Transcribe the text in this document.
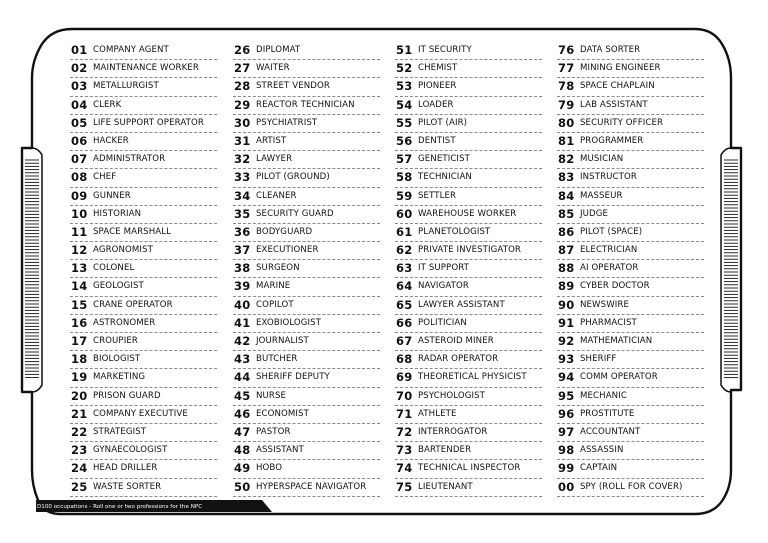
01 COMPANY AGENT
02 MAINTENANCE WORKER
03 METALLURGIST
04 CLERK
05 LIFE SUPPORT OPERATOR
06 HACKER
07 ADMINISTRATOR
08 CHEF
09 GUNNER
10 HISTORIAN
11 SPACE MARSHALL
12 AGRONOMIST
13 COLONEL
14 GEOLOGIST
15 CRANE OPERATOR
16 ASTRONOMER
17 CROUPIER
18 BIOLOGIST
19 MARKETING
20 PRISON GUARD
21 COMPANY EXECUTIVE
22 STRATEGIST
23 GYNAECOLOGIST
24 HEAD DRILLER
25 WASTE SORTER
26 DIPLOMAT
27 WAITER
28 STREET VENDOR
29 REACTOR TECHNICIAN
30 PSYCHIATRIST
31 ARTIST
32 LAWYER
33 PILOT (GROUND)
34 CLEANER
35 SECURITY GUARD
36 BODYGUARD
37 EXECUTIONER
38 SURGEON
39 MARINE
40 COPILOT
41 EXOBIOLOGIST
42 JOURNALIST
43 BUTCHER
44 SHERIFF DEPUTY
45 NURSE
46 ECONOMIST
47 PASTOR
48 ASSISTANT
49 HOBO
50 HYPERSPACE NAVIGATOR
51 IT SECURITY
52 CHEMIST
53 PIONEER
54 LOADER
55 PILOT (AIR)
56 DENTIST
57 GENETICIST
58 TECHNICIAN
59 SETTLER
60 WAREHOUSE WORKER
61 PLANETOLOGIST
62 PRIVATE INVESTIGATOR
63 IT SUPPORT
64 NAVIGATOR
65 LAWYER ASSISTANT
66 POLITICIAN
67 ASTEROID MINER
68 RADAR OPERATOR
69 THEORETICAL PHYSICIST
70 PSYCHOLOGIST
71 ATHLETE
72 INTERROGATOR
73 BARTENDER
74 TECHNICAL INSPECTOR
75 LIEUTENANT
76 DATA SORTER
77 MINING ENGINEER
78 SPACE CHAPLAIN
79 LAB ASSISTANT
80 SECURITY OFFICER
81 PROGRAMMER
82 MUSICIAN
83 INSTRUCTOR
84 MASSEUR
85 JUDGE
86 PILOT (SPACE)
87 ELECTRICIAN
88 AI OPERATOR
89 CYBER DOCTOR
90 NEWSWIRE
91 PHARMACIST
92 MATHEMATICIAN
93 SHERIFF
94 COMM OPERATOR
95 MECHANIC
96 PROSTITUTE
97 ACCOUNTANT
98 ASSASSIN
99 CAPTAIN
00 SPY (ROLL FOR COVER)
D100 occupations - Roll one or two professions for the NPC
